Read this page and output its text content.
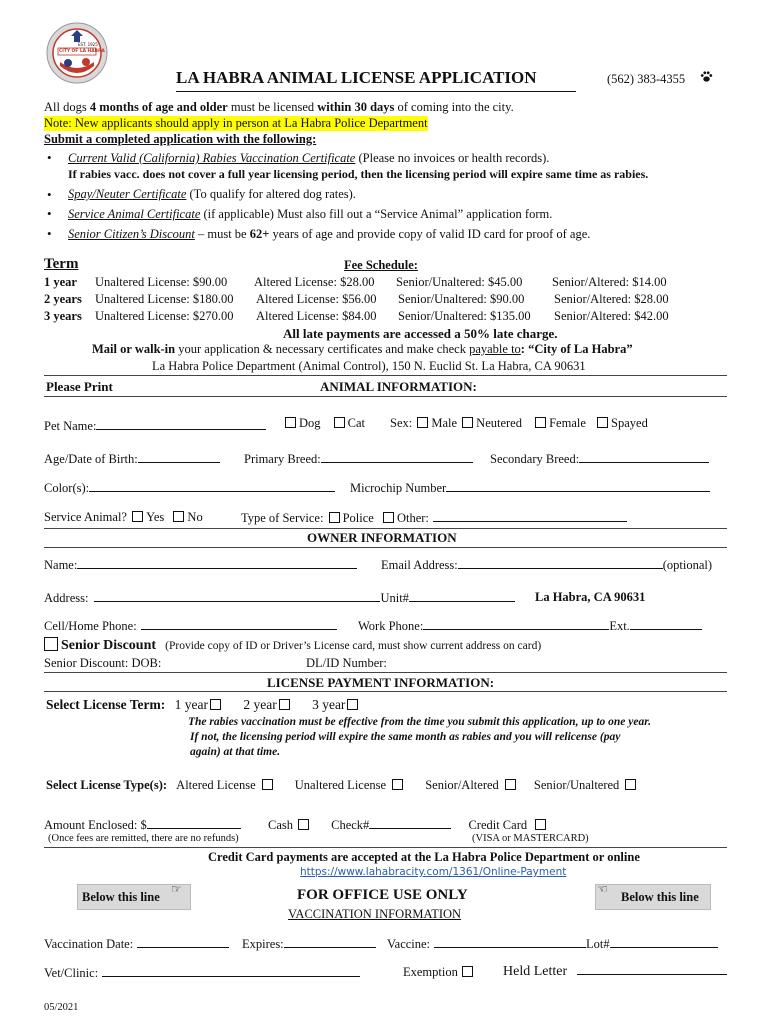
EST. 1925
CITY OF LA HABRA
LA HABRA ANIMAL LICENSE APPLICATION	(562) 383-4355
All dogs 4 months of age and older must be licensed within 30 days of coming into the city.
Note: New applicants should apply in person at La Habra Police Department
Submit a completed application with the following:
• Current Valid (California) Rabies Vaccination Certificate (Please no invoices or health records).
If rabies vacc. does not cover a full year licensing period, then the licensing period will expire same time as rabies.
• Spay/Neuter Certificate (To qualify for altered dog rates).
• Service Animal Certificate (if applicable) Must also fill out a “Service Animal” application form.
• Senior Citizen’s Discount – must be 62+ years of age and provide copy of valid ID card for proof of age.
Term	Fee Schedule:
1 year Unaltered License: $90.00 Altered License: $28.00 Senior/Unaltered: $45.00 Senior/Altered: $14.00
2 years Unaltered License: $180.00 Altered License: $56.00 Senior/Unaltered: $90.00 Senior/Altered: $28.00
3 years Unaltered License: $270.00 Altered License: $84.00 Senior/Unaltered: $135.00 Senior/Altered: $42.00
All late payments are accessed a 50% late charge.
Mail or walk-in your application & necessary certificates and make check payable to: “City of La Habra”
La Habra Police Department (Animal Control), 150 N. Euclid St. La Habra, CA 90631
Please Print	ANIMAL INFORMATION:
Pet Name:	Dog Cat Sex: Male Neutered Female Spayed
Age/Date of Birth:	Primary Breed:	Secondary Breed:
Color(s):	Microchip Number
Service Animal? Yes No	Type of Service: Police Other:
OWNER INFORMATION
Name:	Email Address:	(optional)
Address:	Unit#	La Habra, CA 90631
Cell/Home Phone:	Work Phone:	Ext.
Senior Discount (Provide copy of ID or Driver’s License card, must show current address on card)
Senior Discount: DOB:	DL/ID Number:
LICENSE PAYMENT INFORMATION:
Select License Term: 1 year	2 year	3 year
The rabies vaccination must be effective from the time you submit this application, up to one year.
If not, the licensing period will expire the same month as rabies and you will relicense (pay
again) at that time.
Select License Type(s): Altered License	Unaltered License	Senior/Altered	Senior/Unaltered
Amount Enclosed: $	Cash	Check#	Credit Card
(Once fees are remitted, there are no refunds)	(VISA or MASTERCARD)
Credit Card payments are accepted at the La Habra Police Department or online
https://www.lahabracity.com/1361/Online-Payment
Below this line
☞	☜
Below this line
FOR OFFICE USE ONLY
VACCINATION INFORMATION
Vaccination Date:	Expires:	Vaccine:	Lot#
Vet/Clinic:	Exemption	Held Letter
05/2021
